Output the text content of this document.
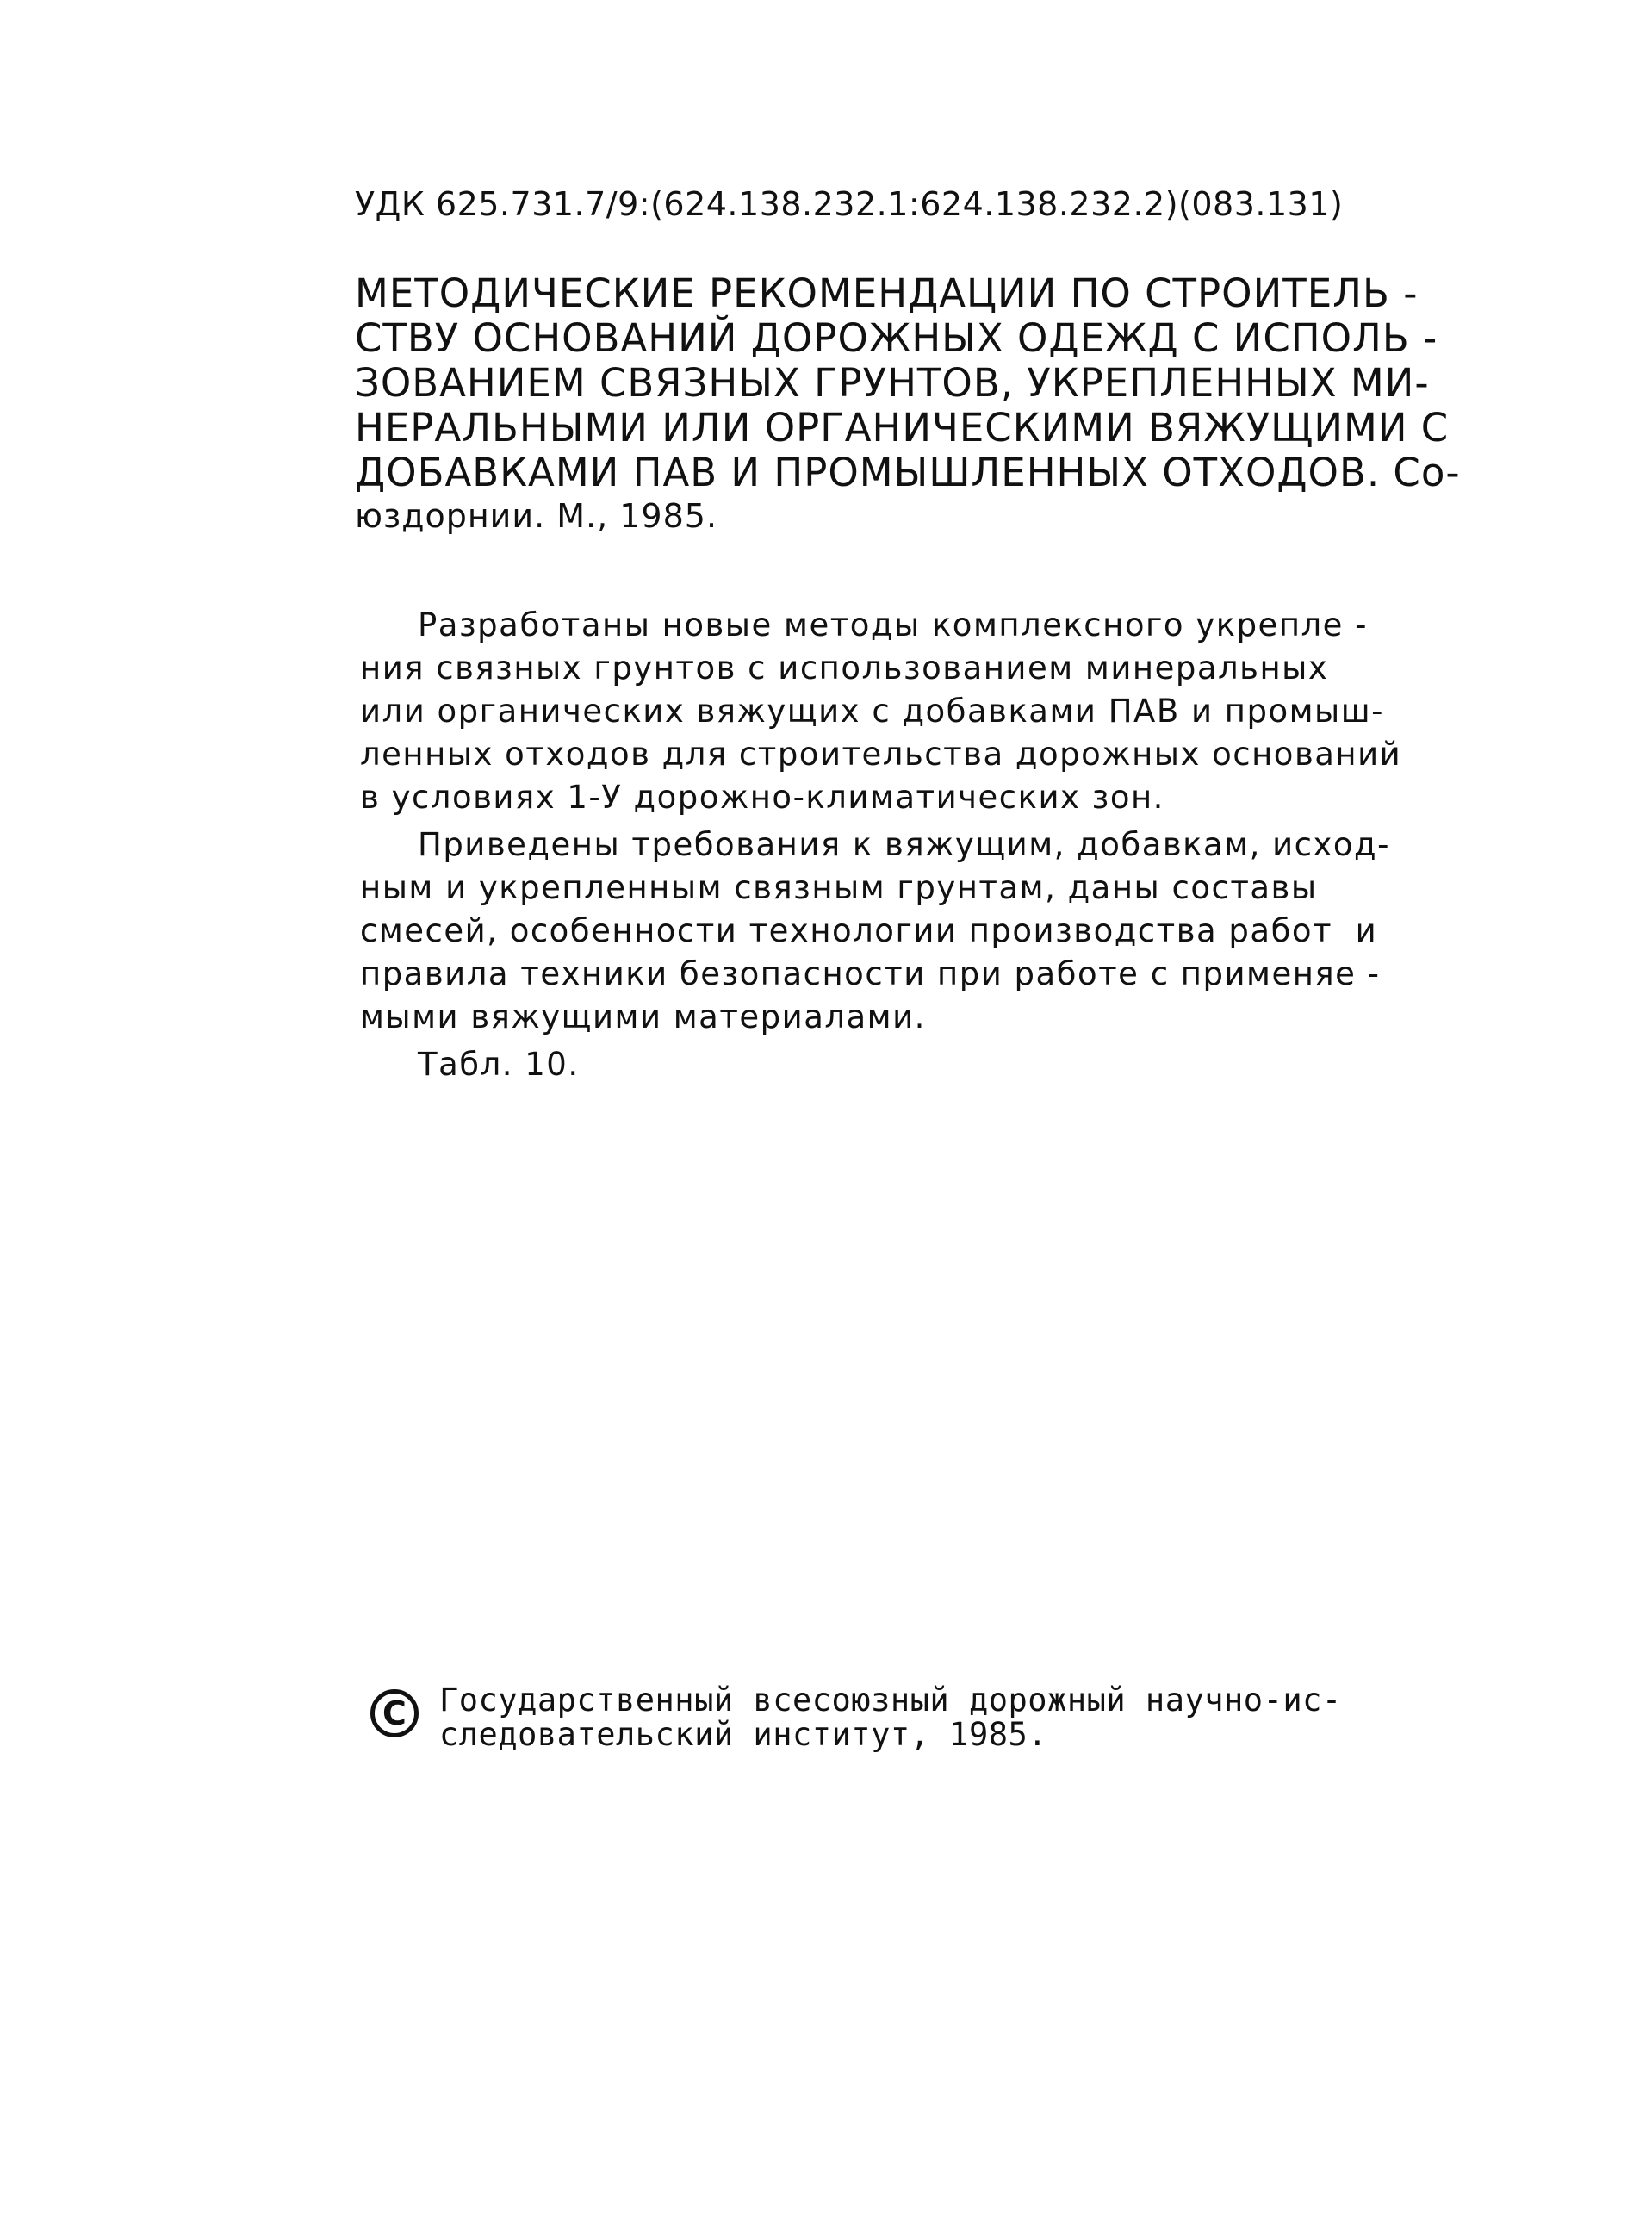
УДК 625.731.7/9:(624.138.232.1:624.138.232.2)(083.131)
МЕТОДИЧЕСКИЕ РЕКОМЕНДАЦИИ ПО СТРОИТЕЛЬ -
СТВУ ОСНОВАНИЙ ДОРОЖНЫХ ОДЕЖД С ИСПОЛЬ -
ЗОВАНИЕМ СВЯЗНЫХ ГРУНТОВ, УКРЕПЛЕННЫХ МИ-
НЕРАЛЬНЫМИ ИЛИ ОРГАНИЧЕСКИМИ ВЯЖУЩИМИ С
ДОБАВКАМИ ПАВ И ПРОМЫШЛЕННЫХ ОТХОДОВ. Со-
юздорнии. М., 1985.
Разработаны новые методы комплексного укрепле -
ния связных грунтов с использованием минеральных
или органических вяжущих с добавками ПАВ и промыш-
ленных отходов для строительства дорожных оснований
в условиях 1-У дорожно-климатических зон.
Приведены требования к вяжущим, добавкам, исход-
ным и укрепленным связным грунтам, даны составы
смесей, особенности технологии производства работ  и
правила техники безопасности при работе с применяе -
мыми вяжущими материалами.
Табл. 10.
C	Государственный всесоюзный дорожный научно-ис-
следовательский институт, 1985.
